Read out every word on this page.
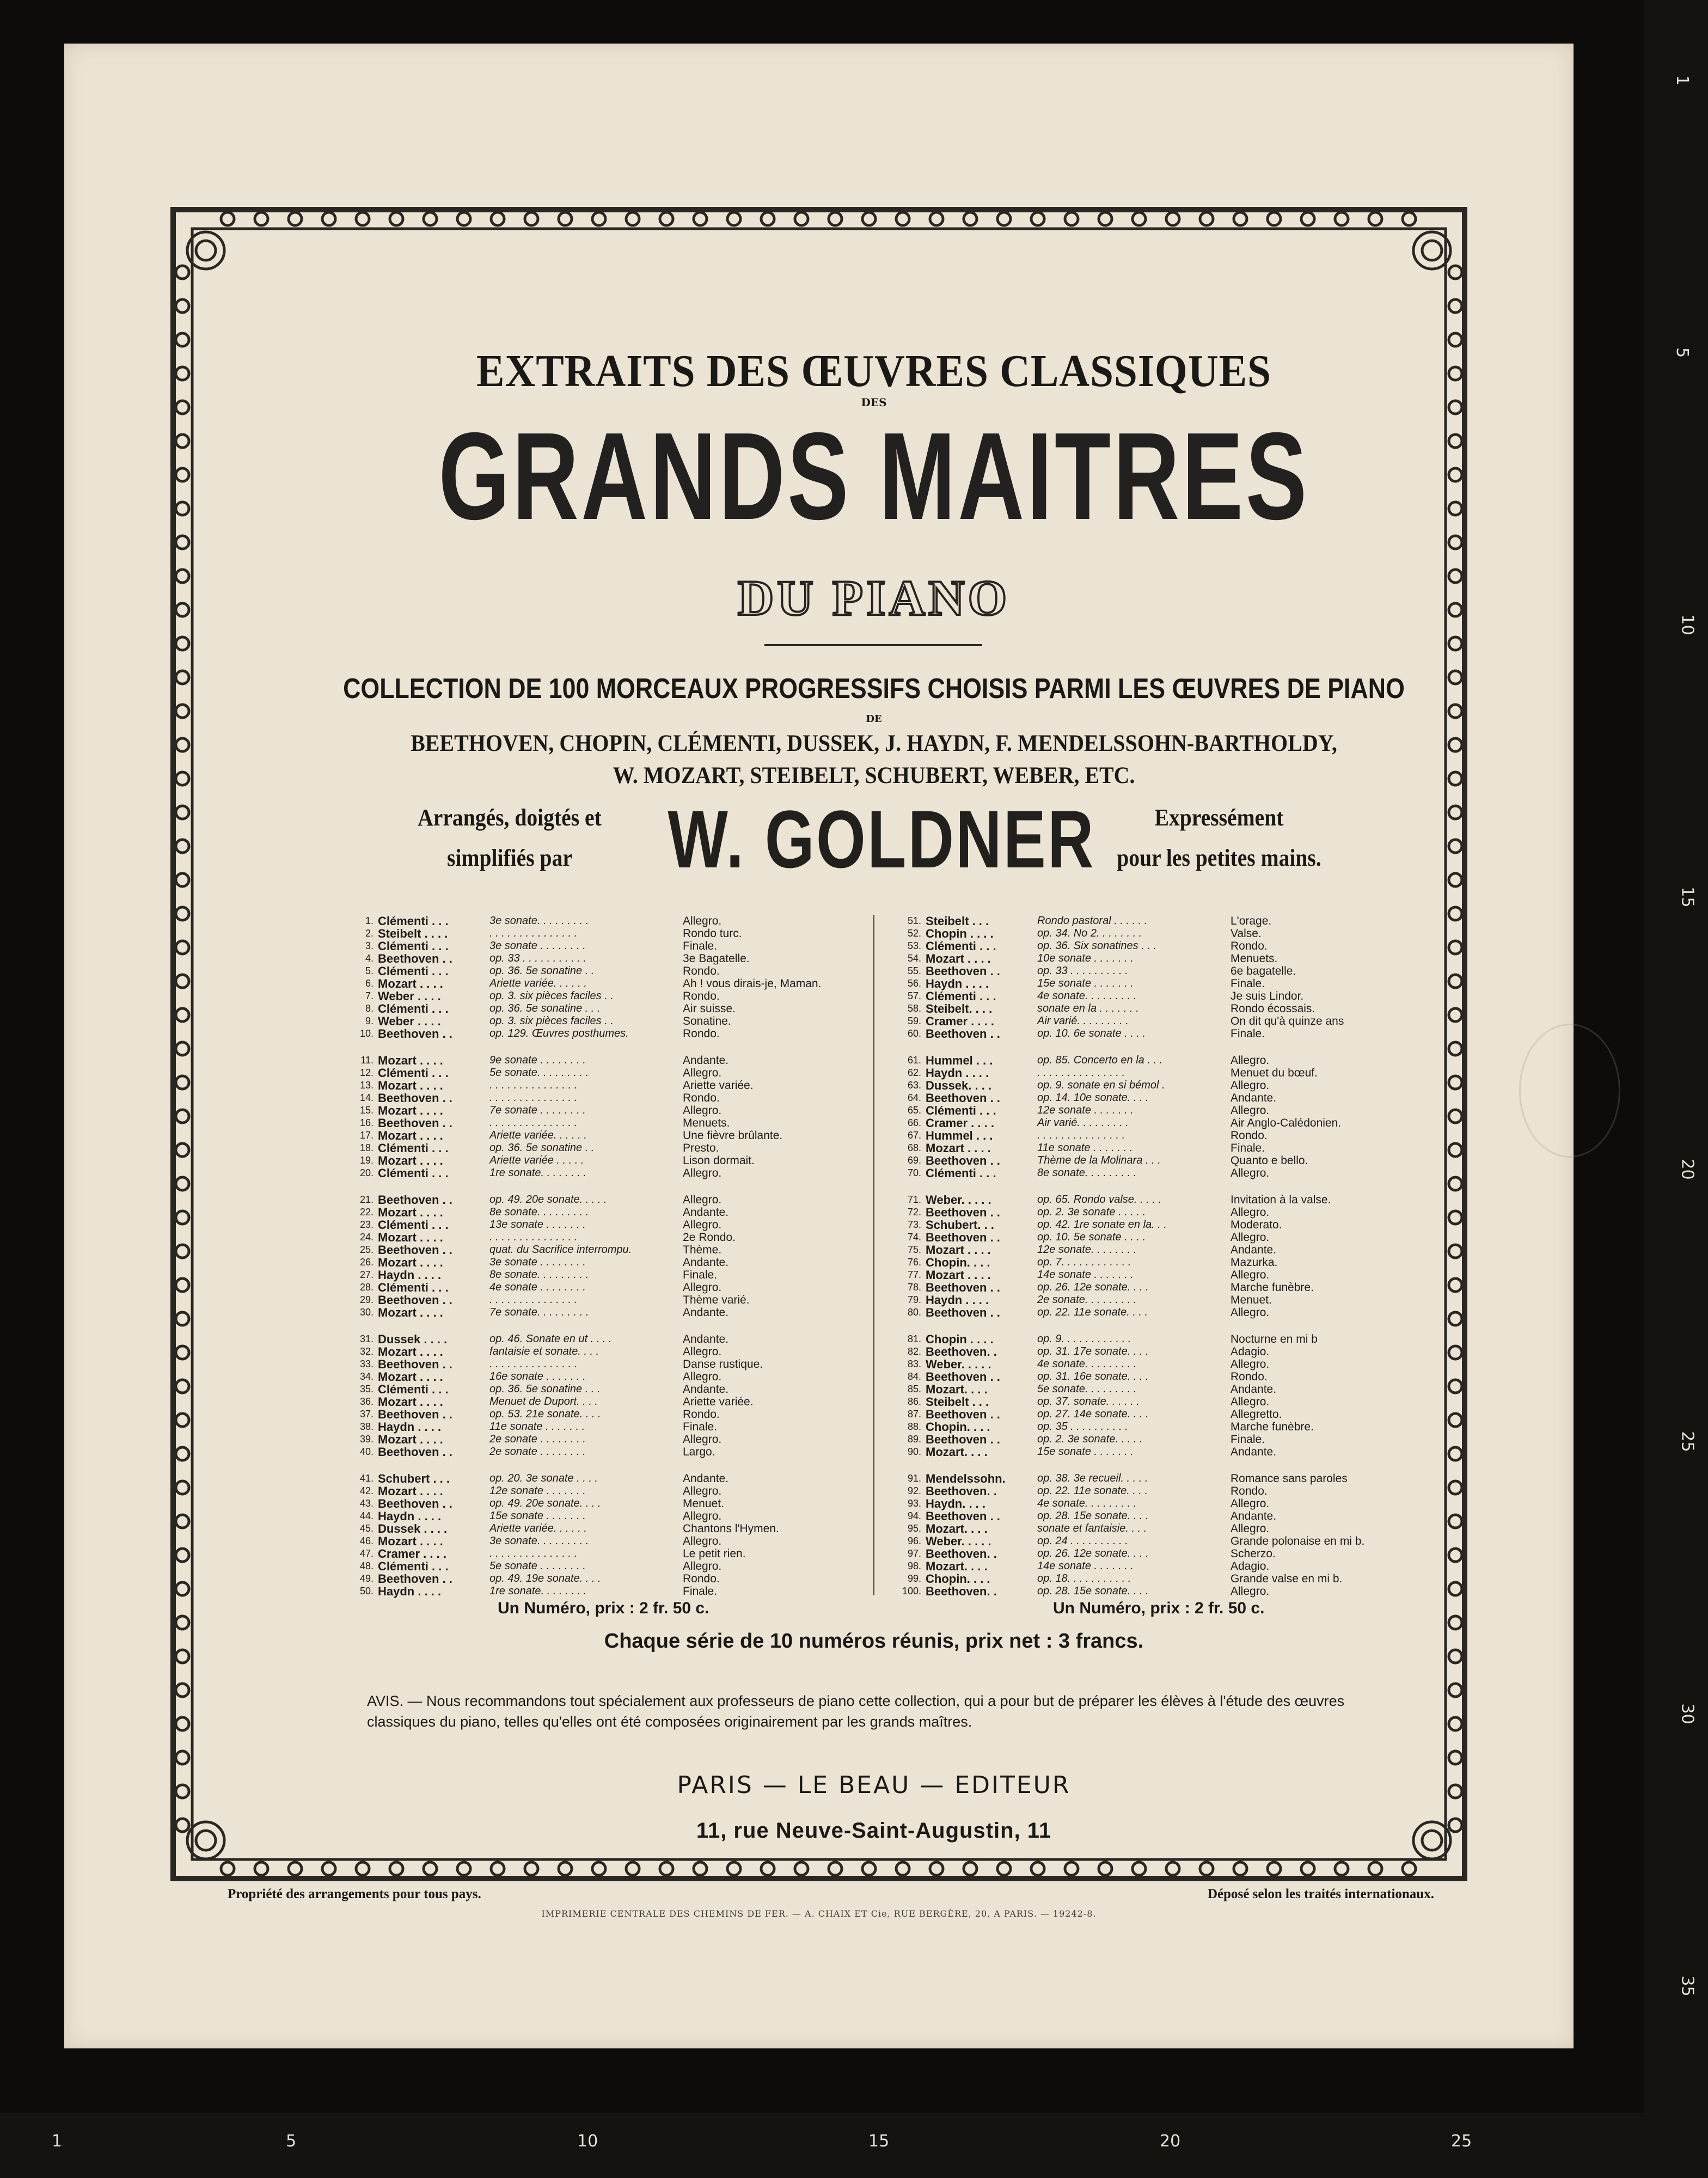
EXTRAITS DES ŒUVRES CLASSIQUES
DES
GRANDS MAITRES
DU PIANO
COLLECTION DE 100 MORCEAUX PROGRESSIFS CHOISIS PARMI LES ŒUVRES DE PIANO
DE
BEETHOVEN, CHOPIN, CLÉMENTI, DUSSEK, J. HAYDN, F. MENDELSSOHN-BARTHOLDY,
W. MOZART, STEIBELT, SCHUBERT, WEBER, ETC.
Arrangés, doigtés et
simplifiés par	W. GOLDNER	Expressément
pour les petites mains.
1. Clémenti . . .	3e sonate. . . . . . . . .	Allegro.
2. Steibelt . . . .	. . . . . . . . . . . . . . .	Rondo turc.
3. Clémenti . . .	3e sonate . . . . . . . .	Finale.
4. Beethoven . .	op. 33 . . . . . . . . . . .	3e Bagatelle.
5. Clémenti . . .	op. 36. 5e sonatine . .	Rondo.
6. Mozart . . . .	Ariette variée. . . . . .	Ah ! vous dirais-je, Maman.
7. Weber . . . .	op. 3. six pièces faciles . .	Rondo.
8. Clémenti . . .	op. 36. 5e sonatine . . .	Air suisse.
9. Weber . . . .	op. 3. six pièces faciles . .	Sonatine.
10. Beethoven . .	op. 129. Œuvres posthumes.	Rondo.
11. Mozart . . . .	9e sonate . . . . . . . .	Andante.
12. Clémenti . . .	5e sonate. . . . . . . . .	Allegro.
13. Mozart . . . .	. . . . . . . . . . . . . . .	Ariette variée.
14. Beethoven . .	. . . . . . . . . . . . . . .	Rondo.
15. Mozart . . . .	7e sonate . . . . . . . .	Allegro.
16. Beethoven . .	. . . . . . . . . . . . . . .	Menuets.
17. Mozart . . . .	Ariette variée. . . . . .	Une fièvre brûlante.
18. Clémenti . . .	op. 36. 5e sonatine . .	Presto.
19. Mozart . . . .	Ariette variée . . . . .	Lison dormait.
20. Clémenti . . .	1re sonate. . . . . . . .	Allegro.
21. Beethoven . .	op. 49. 20e sonate. . . . .	Allegro.
22. Mozart . . . .	8e sonate. . . . . . . . .	Andante.
23. Clémenti . . .	13e sonate . . . . . . .	Allegro.
24. Mozart . . . .	. . . . . . . . . . . . . . .	2e Rondo.
25. Beethoven . .	quat. du Sacrifice interrompu.	Thème.
26. Mozart . . . .	3e sonate . . . . . . . .	Andante.
27. Haydn . . . .	8e sonate. . . . . . . . .	Finale.
28. Clémenti . . .	4e sonate . . . . . . . .	Allegro.
29. Beethoven . .	. . . . . . . . . . . . . . .	Thème varié.
30. Mozart . . . .	7e sonate. . . . . . . . .	Andante.
31. Dussek . . . .	op. 46. Sonate en ut . . . .	Andante.
32. Mozart . . . .	fantaisie et sonate. . . .	Allegro.
33. Beethoven . .	. . . . . . . . . . . . . . .	Danse rustique.
34. Mozart . . . .	16e sonate . . . . . . .	Allegro.
35. Clémenti . . .	op. 36. 5e sonatine . . .	Andante.
36. Mozart . . . .	Menuet de Duport. . . .	Ariette variée.
37. Beethoven . .	op. 53. 21e sonate. . . .	Rondo.
38. Haydn . . . .	11e sonate . . . . . . .	Finale.
39. Mozart . . . .	2e sonate . . . . . . . .	Allegro.
40. Beethoven . .	2e sonate . . . . . . . .	Largo.
41. Schubert . . .	op. 20. 3e sonate . . . .	Andante.
42. Mozart . . . .	12e sonate . . . . . . .	Allegro.
43. Beethoven . .	op. 49. 20e sonate. . . .	Menuet.
44. Haydn . . . .	15e sonate . . . . . . .	Allegro.
45. Dussek . . . .	Ariette variée. . . . . .	Chantons l'Hymen.
46. Mozart . . . .	3e sonate. . . . . . . . .	Allegro.
47. Cramer . . . .	. . . . . . . . . . . . . . .	Le petit rien.
48. Clémenti . . .	5e sonate . . . . . . . .	Allegro.
49. Beethoven . .	op. 49. 19e sonate. . . .	Rondo.
50. Haydn . . . .	1re sonate. . . . . . . .	Finale.
51. Steibelt . . .	Rondo pastoral . . . . . .	L'orage.
52. Chopin . . . .	op. 34. No 2. . . . . . . .	Valse.
53. Clémenti . . .	op. 36. Six sonatines . . .	Rondo.
54. Mozart . . . .	10e sonate . . . . . . .	Menuets.
55. Beethoven . .	op. 33 . . . . . . . . . .	6e bagatelle.
56. Haydn . . . .	15e sonate . . . . . . .	Finale.
57. Clémenti . . .	4e sonate. . . . . . . . .	Je suis Lindor.
58. Steibelt. . . .	sonate en la . . . . . . .	Rondo écossais.
59. Cramer . . . .	Air varié. . . . . . . . .	On dit qu'à quinze ans
60. Beethoven . .	op. 10. 6e sonate . . . .	Finale.
61. Hummel . . .	op. 85. Concerto en la . . .	Allegro.
62. Haydn . . . .	. . . . . . . . . . . . . . .	Menuet du bœuf.
63. Dussek. . . .	op. 9. sonate en si bémol .	Allegro.
64. Beethoven . .	op. 14. 10e sonate. . . .	Andante.
65. Clémenti . . .	12e sonate . . . . . . .	Allegro.
66. Cramer . . . .	Air varié. . . . . . . . .	Air Anglo-Calédonien.
67. Hummel . . .	. . . . . . . . . . . . . . .	Rondo.
68. Mozart . . . .	11e sonate . . . . . . .	Finale.
69. Beethoven . .	Thème de la Molinara . . .	Quanto e bello.
70. Clémenti . . .	8e sonate. . . . . . . . .	Allegro.
71. Weber. . . . .	op. 65. Rondo valse. . . . .	Invitation à la valse.
72. Beethoven . .	op. 2. 3e sonate . . . . .	Allegro.
73. Schubert. . .	op. 42. 1re sonate en la. . .	Moderato.
74. Beethoven . .	op. 10. 5e sonate . . . .	Allegro.
75. Mozart . . . .	12e sonate. . . . . . . .	Andante.
76. Chopin. . . .	op. 7. . . . . . . . . . . .	Mazurka.
77. Mozart . . . .	14e sonate . . . . . . .	Allegro.
78. Beethoven . .	op. 26. 12e sonate. . . .	Marche funèbre.
79. Haydn . . . .	2e sonate. . . . . . . . .	Menuet.
80. Beethoven . .	op. 22. 11e sonate. . . .	Allegro.
81. Chopin . . . .	op. 9. . . . . . . . . . . .	Nocturne en mi b
82. Beethoven. .	op. 31. 17e sonate. . . .	Adagio.
83. Weber. . . . .	4e sonate. . . . . . . . .	Allegro.
84. Beethoven . .	op. 31. 16e sonate. . . .	Rondo.
85. Mozart. . . .	5e sonate. . . . . . . . .	Andante.
86. Steibelt . . .	op. 37. sonate. . . . . .	Allegro.
87. Beethoven . .	op. 27. 14e sonate. . . .	Allegretto.
88. Chopin. . . .	op. 35 . . . . . . . . . .	Marche funèbre.
89. Beethoven . .	op. 2. 3e sonate. . . . .	Finale.
90. Mozart. . . .	15e sonate . . . . . . .	Andante.
91. Mendelssohn.	op. 38. 3e recueil. . . . .	Romance sans paroles
92. Beethoven. .	op. 22. 11e sonate. . . .	Rondo.
93. Haydn. . . .	4e sonate. . . . . . . . .	Allegro.
94. Beethoven . .	op. 28. 15e sonate. . . .	Andante.
95. Mozart. . . .	sonate et fantaisie. . . .	Allegro.
96. Weber. . . . .	op. 24 . . . . . . . . . .	Grande polonaise en mi b.
97. Beethoven. .	op. 26. 12e sonate. . . .	Scherzo.
98. Mozart. . . .	14e sonate . . . . . . .	Adagio.
99. Chopin. . . .	op. 18. . . . . . . . . . .	Grande valse en mi b.
100. Beethoven. .	op. 28. 15e sonate. . . .	Allegro.
Un Numéro, prix : 2 fr. 50 c.	Un Numéro, prix : 2 fr. 50 c.
Chaque série de 10 numéros réunis, prix net : 3 francs.
AVIS. — Nous recommandons tout spécialement aux professeurs de piano cette collection, qui a pour but de préparer les élèves à l'étude des œuvres classiques du piano, telles qu'elles ont été composées originairement par les grands maîtres.
PARIS — LE BEAU — EDITEUR
11, rue Neuve-Saint-Augustin, 11
Propriété des arrangements pour tous pays.	Déposé selon les traités internationaux.
IMPRIMERIE CENTRALE DES CHEMINS DE FER. — A. CHAIX ET Cie, RUE BERGÈRE, 20, A PARIS. — 19242-8.
1
5
10
15
20
25
30
35
1	5	10	15	20	25
